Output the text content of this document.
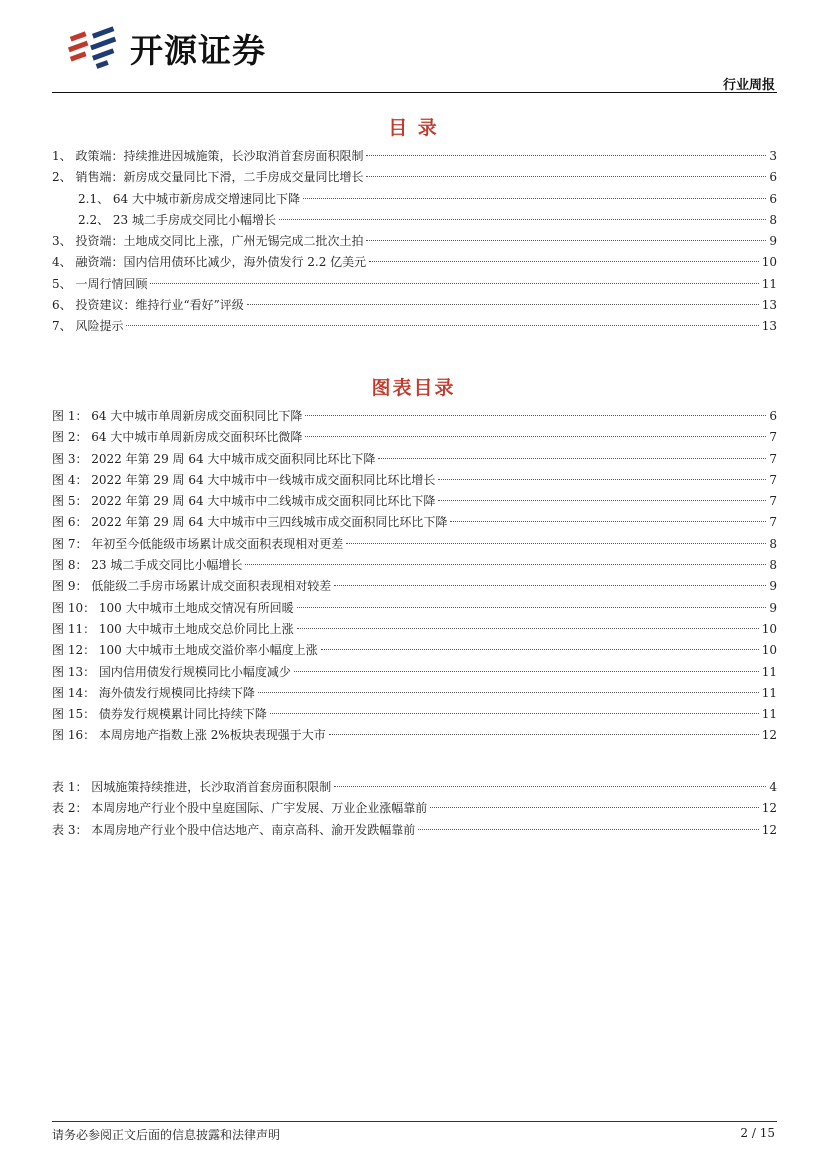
开源证券
行业周报
目 录
1、 政策端：持续推进因城施策，长沙取消首套房面积限制	3
2、 销售端：新房成交量同比下滑，二手房成交量同比增长	6
2.1、 64 大中城市新房成交增速同比下降	6
2.2、 23 城二手房成交同比小幅增长	8
3、 投资端：土地成交同比上涨，广州无锡完成二批次土拍	9
4、 融资端：国内信用债环比减少，海外债发行 2.2 亿美元	10
5、 一周行情回顾	11
6、 投资建议：维持行业“看好”评级	13
7、 风险提示	13
图表目录
图 1： 64 大中城市单周新房成交面积同比下降	6
图 2： 64 大中城市单周新房成交面积环比微降	7
图 3： 2022 年第 29 周 64 大中城市成交面积同比环比下降	7
图 4： 2022 年第 29 周 64 大中城市中一线城市成交面积同比环比增长	7
图 5： 2022 年第 29 周 64 大中城市中二线城市成交面积同比环比下降	7
图 6： 2022 年第 29 周 64 大中城市中三四线城市成交面积同比环比下降	7
图 7： 年初至今低能级市场累计成交面积表现相对更差	8
图 8： 23 城二手成交同比小幅增长	8
图 9： 低能级二手房市场累计成交面积表现相对较差	9
图 10： 100 大中城市土地成交情况有所回暖	9
图 11： 100 大中城市土地成交总价同比上涨	10
图 12： 100 大中城市土地成交溢价率小幅度上涨	10
图 13： 国内信用债发行规模同比小幅度减少	11
图 14： 海外债发行规模同比持续下降	11
图 15： 债券发行规模累计同比持续下降	11
图 16： 本周房地产指数上涨 2%板块表现强于大市	12
表 1： 因城施策持续推进，长沙取消首套房面积限制	4
表 2： 本周房地产行业个股中皇庭国际、广宇发展、万业企业涨幅靠前	12
表 3： 本周房地产行业个股中信达地产、南京高科、渝开发跌幅靠前	12
请务必参阅正文后面的信息披露和法律声明	2 / 15
